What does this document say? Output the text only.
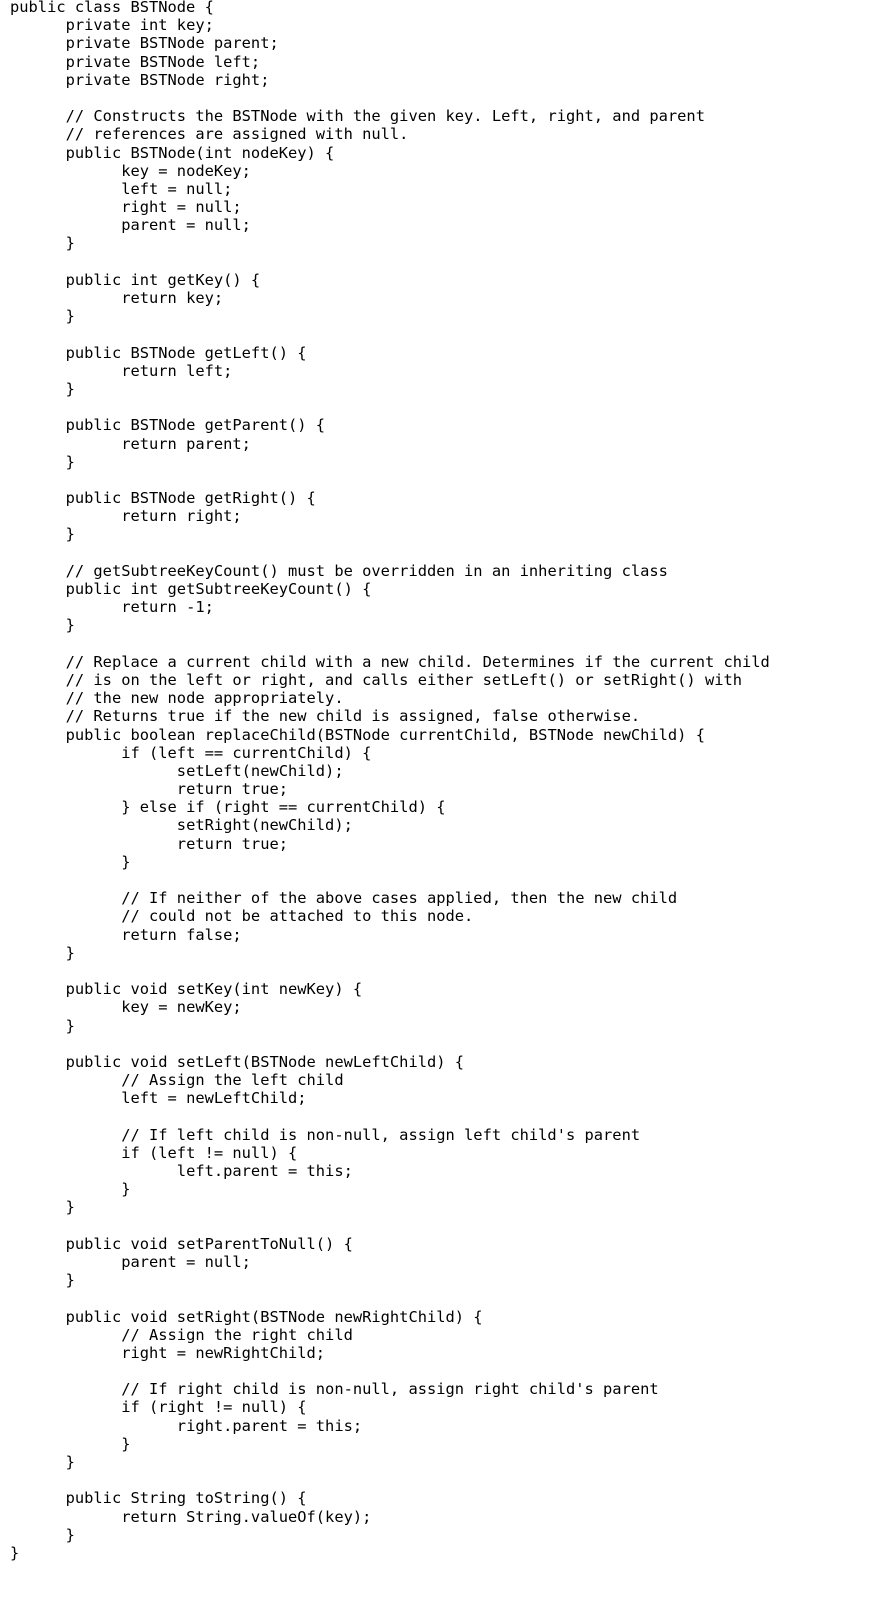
public class BSTNode {
	private int key;
	private BSTNode parent;
	private BSTNode left;
	private BSTNode right;
	// Constructs the BSTNode with the given key. Left, right, and parent
	// references are assigned with null.
	public BSTNode(int nodeKey) {
		key = nodeKey;
		left = null;
		right = null;
		parent = null;
	}
	public int getKey() {
		return key;
	}
	public BSTNode getLeft() {
		return left;
	}
	public BSTNode getParent() {
		return parent;
	}
	public BSTNode getRight() {
		return right;
	}
	// getSubtreeKeyCount() must be overridden in an inheriting class
	public int getSubtreeKeyCount() {
		return -1;
	}
	// Replace a current child with a new child. Determines if the current child
	// is on the left or right, and calls either setLeft() or setRight() with
	// the new node appropriately.
	// Returns true if the new child is assigned, false otherwise.
	public boolean replaceChild(BSTNode currentChild, BSTNode newChild) {
		if (left == currentChild) {
			setLeft(newChild);
			return true;
		} else if (right == currentChild) {
			setRight(newChild);
			return true;
		}
		// If neither of the above cases applied, then the new child
		// could not be attached to this node.
		return false;
	}
	public void setKey(int newKey) {
		key = newKey;
	}
	public void setLeft(BSTNode newLeftChild) {
		// Assign the left child
		left = newLeftChild;
		// If left child is non-null, assign left child's parent
		if (left != null) {
			left.parent = this;
		}
	}
	public void setParentToNull() {
		parent = null;
	}
	public void setRight(BSTNode newRightChild) {
		// Assign the right child
		right = newRightChild;
		// If right child is non-null, assign right child's parent
		if (right != null) {
			right.parent = this;
		}
	}
	public String toString() {
		return String.valueOf(key);
	}
}
